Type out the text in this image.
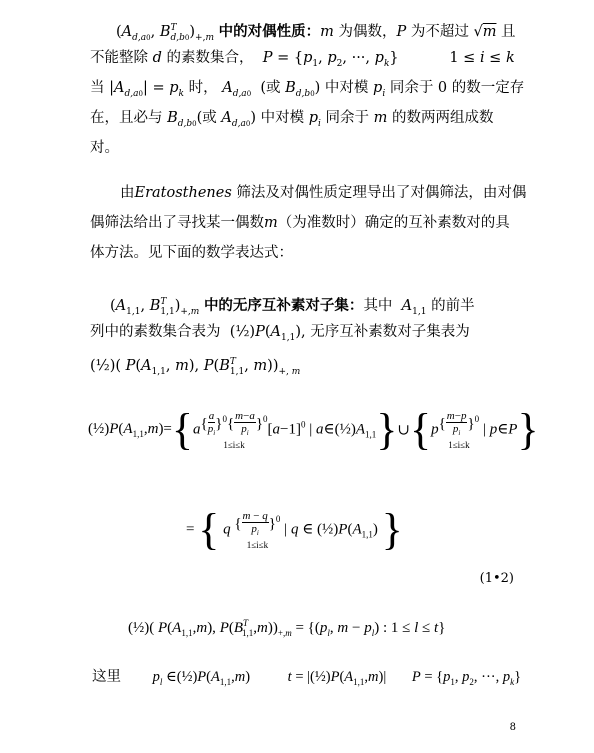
($A_{d,a0}$, $B^T_{d,b0})_{+,m}$ 中的对偶性质：m 为偶数，P 为不超过 √m 且
不能整除 d 的素数集合，  $P = \{p_1$, $p_2$, ···, $p_k$}           1 ≤ i ≤ k
当 $|A_{d,a0}| = p_k$ 时， $A_{d,a0}$  (或 $B_{d,b0}$) 中对模 $p_i$ 同余于 0 的数一定存
在，且必与 $B_{d,b0}$(或 $A_{d,a0}$) 中对模 $p_i$ 同余于 m 的数两两组成数
对。
由Eratosthenes 筛法及对偶性质定理导出了对偶筛法，由对偶
偶筛法给出了寻找某一偶数m（为准数时）确定的互补素数对的具
体方法。见下面的数学表达式：
($A_{1,1}$, $B^T_{1,1})_{+,m}$ 中的无序互补素对子集：其中  $A_{1,1}$ 的前半
列中的素数集合表为  $(\frac{1}{2})P(A_{1,1})$, 无序互补素数对子集表为
(½)( $P(A_{1,1}$, m), $P(B^T_{1,1}$, $m))_{+, m}$
$(\frac{1}{2})P(A_{1,1},m)=\{a\{ \frac{a}{p_i} \}^0\{ \frac{m-a}{p_i} \}^0$
1≤i≤k
$[a-1]^0$ | $a\in(\frac{1}{2})A_{1,1}\}\cup\{p\{ \frac{m-p}{p_i} \}^0$
1≤i≤k
| p∈P}
= { q { $\frac{m - q}{p_i} \}^0$
1≤i≤k
| q ∈ $(\frac{1}{2})P(A_{1,1})$ }
(1•2)
(½)( $P(A_{1,1},m)$, $P(B^T_{1,1},m))_{+,m} = \{(p_l$, $m - p_l$) : 1 ≤ l ≤ t}
这里 $p_l$ $\in(\frac{1}{2})P(A_{1,1},m)$	$t = |(\frac{1}{2})P(A_{1,1},m)|$ $P = \{p_1$, $p_2$, ···, $p_k$}
8
